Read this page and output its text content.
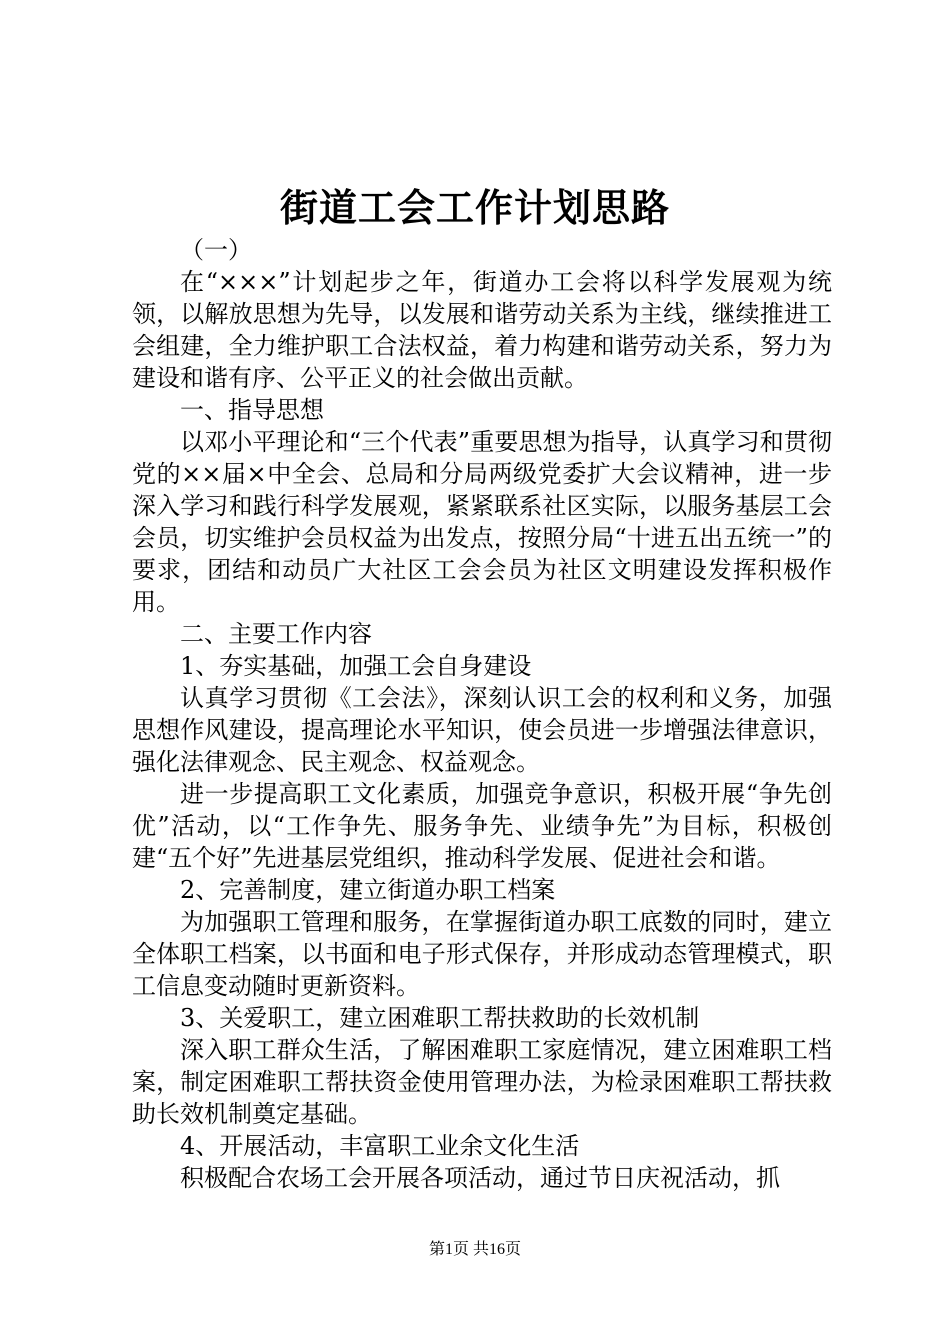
街道工会工作计划思路

（一）

在“×××”计划起步之年，街道办工会将以科学发展观为统领，以解放思想为先导，以发展和谐劳动关系为主线，继续推进工会组建，全力维护职工合法权益，着力构建和谐劳动关系，努力为建设和谐有序、公平正义的社会做出贡献。

一、指导思想

以邓小平理论和“三个代表”重要思想为指导，认真学习和贯彻党的××届×中全会、总局和分局两级党委扩大会议精神，进一步深入学习和践行科学发展观，紧紧联系社区实际，以服务基层工会会员，切实维护会员权益为出发点，按照分局“十进五出五统一”的要求，团结和动员广大社区工会会员为社区文明建设发挥积极作用。

二、主要工作内容

1、夯实基础，加强工会自身建设

认真学习贯彻《工会法》，深刻认识工会的权利和义务，加强思想作风建设，提高理论水平知识，使会员进一步增强法律意识，强化法律观念、民主观念、权益观念。

进一步提高职工文化素质，加强竞争意识，积极开展“争先创优”活动，以“工作争先、服务争先、业绩争先”为目标，积极创建“五个好”先进基层党组织，推动科学发展、促进社会和谐。

2、完善制度，建立街道办职工档案

为加强职工管理和服务，在掌握街道办职工底数的同时，建立全体职工档案，以书面和电子形式保存，并形成动态管理模式，职工信息变动随时更新资料。

3、关爱职工，建立困难职工帮扶救助的长效机制

深入职工群众生活，了解困难职工家庭情况，建立困难职工档案，制定困难职工帮扶资金使用管理办法，为检录困难职工帮扶救助长效机制奠定基础。

4、开展活动，丰富职工业余文化生活

积极配合农场工会开展各项活动，通过节日庆祝活动，抓

第1页 共16页
